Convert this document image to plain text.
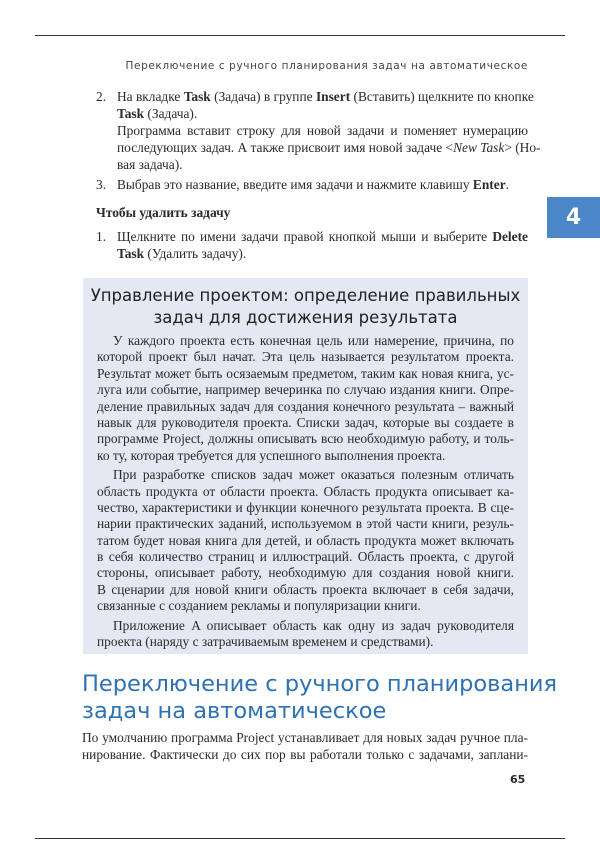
Переключение с ручного планирования задач на автоматическое
4
2. На вкладке Task (Задача) в группе Insert (Вставить) щелкните по кнопке
Task (Задача).
Программа вставит строку для новой задачи и поменяет нумерацию
последующих задач. А также присвоит имя новой задаче <New Task> (Но-
вая задача).
3. Выбрав это название, введите имя задачи и нажмите клавишу Enter.
Чтобы удалить задачу
1. Щелкните по имени задачи правой кнопкой мыши и выберите Delete
Task (Удалить задачу).
Управление проектом: определение правильных
задач для достижения результата
У каждого проекта есть конечная цель или намерение, причина, по
которой проект был начат. Эта цель называется результатом проекта.
Результат может быть осязаемым предметом, таким как новая книга, ус-
луга или событие, например вечеринка по случаю издания книги. Опре-
деление правильных задач для создания конечного результата – важный
навык для руководителя проекта. Списки задач, которые вы создаете в
программе Project, должны описывать всю необходимую работу, и толь-
ко ту, которая требуется для успешного выполнения проекта.
При разработке списков задач может оказаться полезным отличать
область продукта от области проекта. Область продукта описывает ка-
чество, характеристики и функции конечного результата проекта. В сце-
нарии практических заданий, используемом в этой части книги, резуль-
татом будет новая книга для детей, и область продукта может включать
в себя количество страниц и иллюстраций. Область проекта, с другой
стороны, описывает работу, необходимую для создания новой книги.
В сценарии для новой книги область проекта включает в себя задачи,
связанные с созданием рекламы и популяризации книги.
Приложение A описывает область как одну из задач руководителя
проекта (наряду с затрачиваемым временем и средствами).
Переключение с ручного планирования
задач на автоматическое
По умолчанию программа Project устанавливает для новых задач ручное пла-
нирование. Фактически до сих пор вы работали только с задачами, заплани-
65
